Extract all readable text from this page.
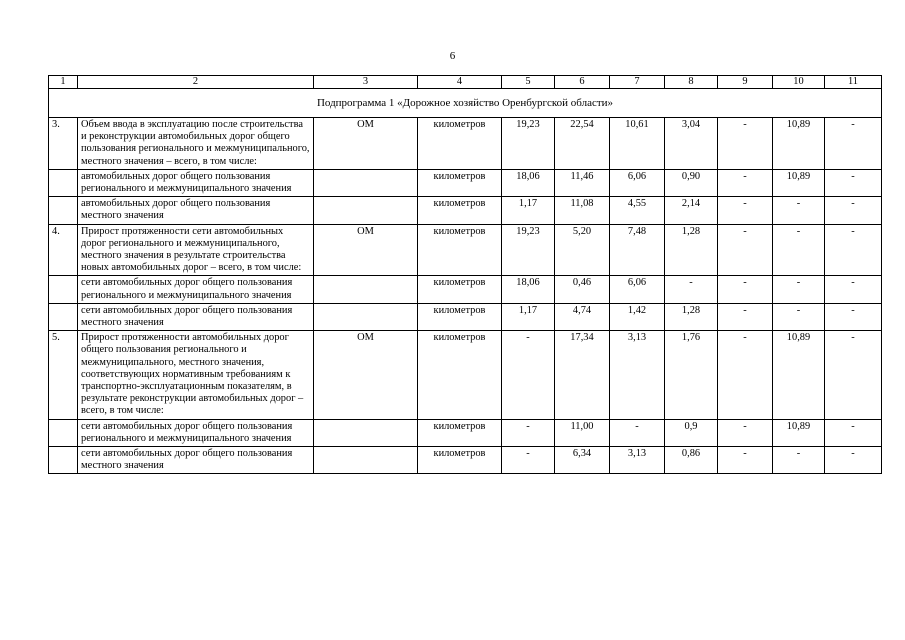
6
1	2	3	4	5	6	7	8	9	10	11
Подпрограмма 1 «Дорожное хозяйство Оренбургской области»										
3.	Объем ввода в эксплуатацию после строительства и реконструкции автомобильных дорог общего пользования регионального и межмуниципального, местного значения – всего, в том числе:	ОМ	километров	19,23	22,54	10,61	3,04	-	10,89	-
	автомобильных дорог общего пользования регионального и межмуниципального значения		километров	18,06	11,46	6,06	0,90	-	10,89	-
	автомобильных дорог общего пользования местного значения		километров	1,17	11,08	4,55	2,14	-	-	-
4.	Прирост протяженности сети автомобильных дорог регионального и межмуниципального, местного значения в результате строительства новых автомобильных дорог – всего, в том числе:	ОМ	километров	19,23	5,20	7,48	1,28	-	-	-
	сети автомобильных дорог общего пользования регионального и межмуниципального значения		километров	18,06	0,46	6,06	-	-	-	-
	сети автомобильных дорог общего пользования местного значения		километров	1,17	4,74	1,42	1,28	-	-	-
5.	Прирост протяженности автомобильных дорог общего пользования регионального и межмуниципального, местного значения, соответствующих нормативным требованиям к транспортно-эксплуатационным показателям, в результате реконструкции автомобильных дорог – всего, в том числе:	ОМ	километров	-	17,34	3,13	1,76	-	10,89	-
	сети автомобильных дорог общего пользования регионального и межмуниципального значения		километров	-	11,00	-	0,9	-	10,89	-
	сети автомобильных дорог общего пользования местного значения		километров	-	6,34	3,13	0,86	-	-	-
